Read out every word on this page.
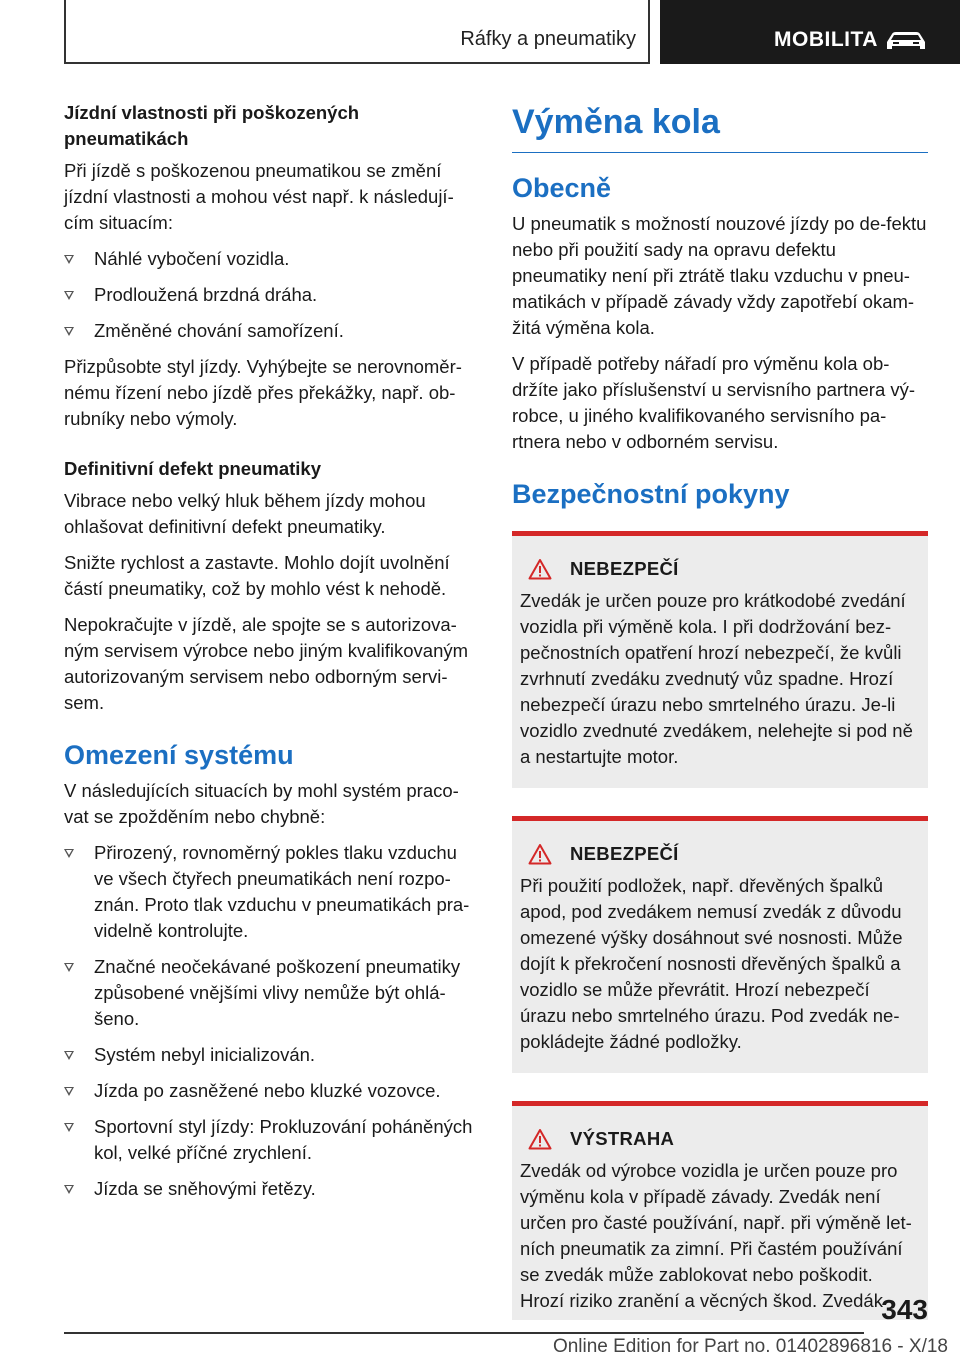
Ráfky a pneumatiky	MOBILITA
Jízdní vlastnosti při poškozených pneumatikách

Při jízdě s poškozenou pneumatikou se změní jízdní vlastnosti a mohou vést např. k následují-cím situacím:

Náhlé vybočení vozidla.
Prodloužená brzdná dráha.
Změněné chování samořízení.

Přizpůsobte styl jízdy. Vyhýbejte se nerovnoměr-nému řízení nebo jízdě přes překážky, např. ob-rubníky nebo výmoly.

Definitivní defekt pneumatiky

Vibrace nebo velký hluk během jízdy mohou ohlašovat definitivní defekt pneumatiky.

Snižte rychlost a zastavte. Mohlo dojít uvolnění částí pneumatiky, což by mohlo vést k nehodě.

Nepokračujte v jízdě, ale spojte se s autorizova-ným servisem výrobce nebo jiným kvalifikovaným autorizovaným servisem nebo odborným servi-sem.

Omezení systému

V následujících situacích by mohl systém praco-vat se zpožděním nebo chybně:

Přirozený, rovnoměrný pokles tlaku vzduchu ve všech čtyřech pneumatikách není rozpo-znán. Proto tlak vzduchu v pneumatikách pra-videlně kontrolujte.
Značné neočekávané poškození pneumatiky způsobené vnějšími vlivy nemůže být ohlá-šeno.
Systém nebyl inicializován.
Jízda po zasněžené nebo kluzké vozovce.
Sportovní styl jízdy: Prokluzování poháněných kol, velké příčné zrychlení.
Jízda se sněhovými řetězy.
Výměna kola
Obecně

U pneumatik s možností nouzové jízdy po de-fektu nebo při použití sady na opravu defektu pneumatiky není při ztrátě tlaku vzduchu v pneu-matikách v případě závady vždy zapotřebí okam-žitá výměna kola.

V případě potřeby nářadí pro výměnu kola ob-držíte jako příslušenství u servisního partnera vý-robce, u jiného kvalifikovaného servisního pa-rtnera nebo v odborném servisu.

Bezpečnostní pokyny
NEBEZPEČÍ

Zvedák je určen pouze pro krátkodobé zvedání vozidla při výměně kola. I při dodržování bez-pečnostních opatření hrozí nebezpečí, že kvůli zvrhnutí zvedáku zvednutý vůz spadne. Hrozí nebezpečí úrazu nebo smrtelného úrazu. Je-li vozidlo zvednuté zvedákem, nelehejte si pod ně a nestartujte motor.

NEBEZPEČÍ

Při použití podložek, např. dřevěných špalků apod, pod zvedákem nemusí zvedák z důvodu omezené výšky dosáhnout své nosnosti. Může dojít k překročení nosnosti dřevěných špalků a vozidlo se může převrátit. Hrozí nebezpečí úrazu nebo smrtelného úrazu. Pod zvedák ne-pokládejte žádné podložky.

VÝSTRAHA

Zvedák od výrobce vozidla je určen pouze pro výměnu kola v případě závady. Zvedák není určen pro časté používání, např. při výměně let-ních pneumatik za zimní. Při častém používání se zvedák může zablokovat nebo poškodit. Hrozí riziko zranění a věcných škod. Zvedák

343
Online Edition for Part no. 01402896816 - X/18
